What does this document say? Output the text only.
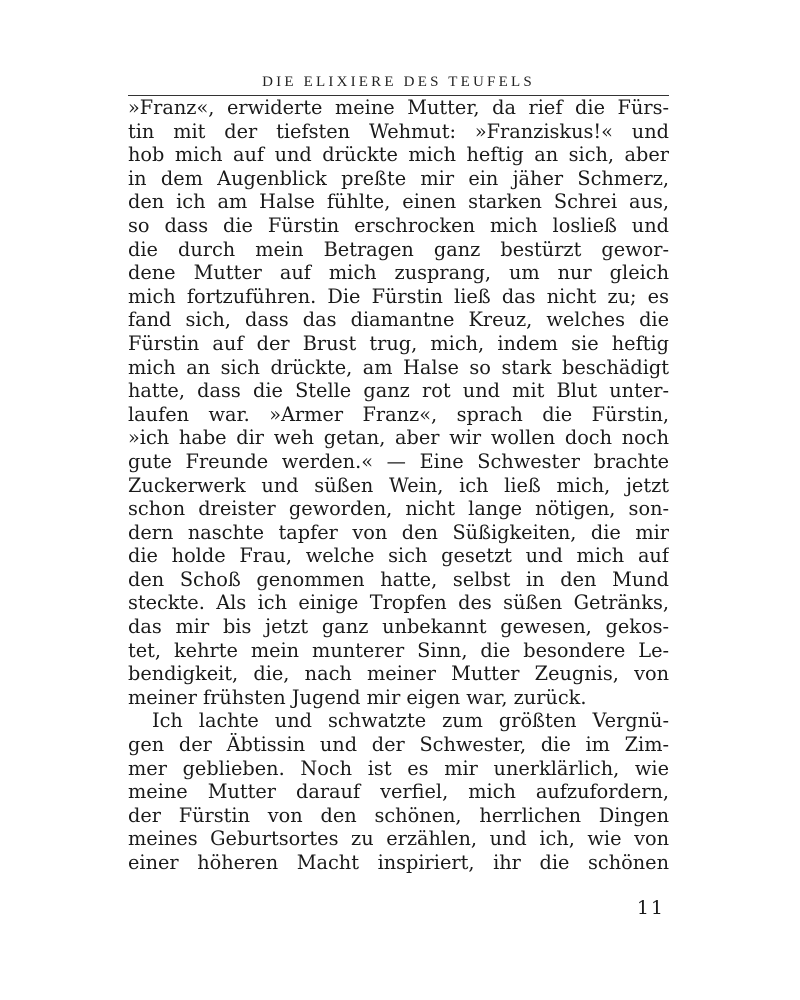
DIE ELIXIERE DES TEUFELS
»Franz«, erwiderte meine Mutter, da rief die Fürs-
tin mit der tiefsten Wehmut: »Franziskus!« und
hob mich auf und drückte mich heftig an sich, aber
in dem Augenblick preßte mir ein jäher Schmerz,
den ich am Halse fühlte, einen starken Schrei aus,
so dass die Fürstin erschrocken mich losließ und
die durch mein Betragen ganz bestürzt gewor-
dene Mutter auf mich zusprang, um nur gleich
mich fortzuführen. Die Fürstin ließ das nicht zu; es
fand sich, dass das diamantne Kreuz, welches die
Fürstin auf der Brust trug, mich, indem sie heftig
mich an sich drückte, am Halse so stark beschädigt
hatte, dass die Stelle ganz rot und mit Blut unter-
laufen war. »Armer Franz«, sprach die Fürstin,
»ich habe dir weh getan, aber wir wollen doch noch
gute Freunde werden.« — Eine Schwester brachte
Zuckerwerk und süßen Wein, ich ließ mich, jetzt
schon dreister geworden, nicht lange nötigen, son-
dern naschte tapfer von den Süßigkeiten, die mir
die holde Frau, welche sich gesetzt und mich auf
den Schoß genommen hatte, selbst in den Mund
steckte. Als ich einige Tropfen des süßen Getränks,
das mir bis jetzt ganz unbekannt gewesen, gekos-
tet, kehrte mein munterer Sinn, die besondere Le-
bendigkeit, die, nach meiner Mutter Zeugnis, von
meiner frühsten Jugend mir eigen war, zurück.
Ich lachte und schwatzte zum größten Vergnü-
gen der Äbtissin und der Schwester, die im Zim-
mer geblieben. Noch ist es mir unerklärlich, wie
meine Mutter darauf verfiel, mich aufzufordern,
der Fürstin von den schönen, herrlichen Dingen
meines Geburtsortes zu erzählen, und ich, wie von
einer höheren Macht inspiriert, ihr die schönen
11
